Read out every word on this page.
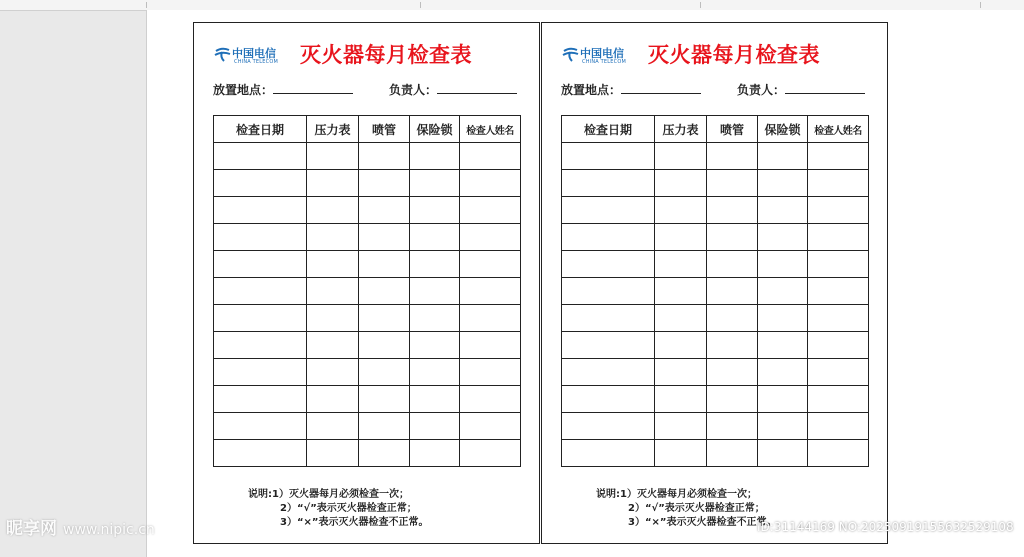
中国电信
CHINA TELECOM 灭火器每月检查表
放置地点：	负责人：
检查日期	压力表	喷管	保险锁	检查人姓名

说明:1）灭火器每月必须检查一次；
2）“√”表示灭火器检查正常；
3）“×”表示灭火器检查不正常。
中国电信
CHINA TELECOM 灭火器每月检查表
放置地点：	负责人：
检查日期	压力表	喷管	保险锁	检查人姓名

说明:1）灭火器每月必须检查一次；
2）“√”表示灭火器检查正常；
3）“×”表示灭火器检查不正常。
昵享网 www.nipic.cn	ID:31144169 NO:20250919155632529108
